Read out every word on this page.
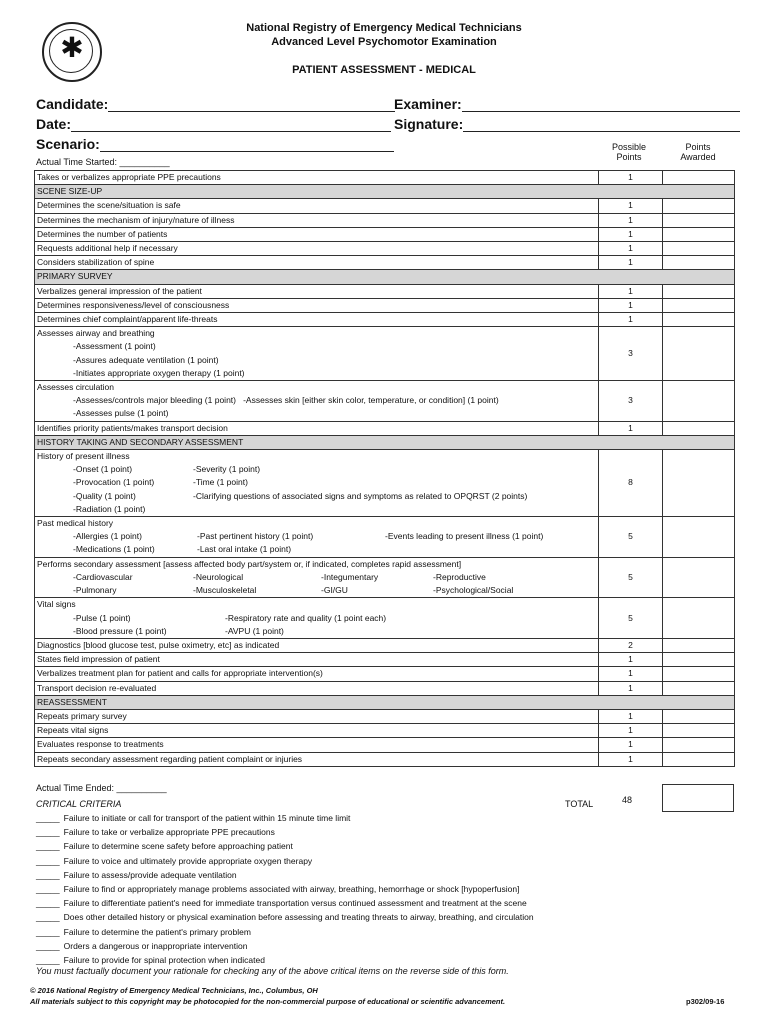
✱
National Registry of Emergency Medical Technicians
Advanced Level Psychomotor Examination
PATIENT ASSESSMENT - MEDICAL
Candidate:	Examiner:
Date:	Signature:
Scenario:
Actual Time Started: __________
Possible
Points
Points
Awarded
Takes or verbalizes appropriate PPE precautions	1	
SCENE SIZE-UP		
Determines the scene/situation is safe	1	
Determines the mechanism of injury/nature of illness	1	
Determines the number of patients	1	
Requests additional help if necessary	1	
Considers stabilization of spine	1	
PRIMARY SURVEY		
Verbalizes general impression of the patient	1	
Determines responsiveness/level of consciousness	1	
Determines chief complaint/apparent life-threats	1	

Assesses airway and breathing
-Assessment (1 point)
-Assures adequate ventilation (1 point)
-Initiates appropriate oxygen therapy (1 point)	3	

Assesses circulation
-Assesses/controls major bleeding (1 point) -Assesses skin [either skin color, temperature, or condition] (1 point)
-Assesses pulse (1 point)	3	
Identifies priority patients/makes transport decision	1	
HISTORY TAKING AND SECONDARY ASSESSMENT		

History of present illness
-Onset (1 point) -Severity (1 point)
-Provocation (1 point) -Time (1 point)
-Quality (1 point) -Clarifying questions of associated signs and symptoms as related to OPQRST (2 points)
-Radiation (1 point)	8	

Past medical history
-Allergies (1 point) -Past pertinent history (1 point) -Events leading to present illness (1 point)
-Medications (1 point) -Last oral intake (1 point)	5	

Performs secondary assessment [assess affected body part/system or, if indicated, completes rapid assessment]
-Cardiovascular -Neurological -Integumentary -Reproductive
-Pulmonary -Musculoskeletal -GI/GU -Psychological/Social	5	

Vital signs
-Pulse (1 point) -Respiratory rate and quality (1 point each)
-Blood pressure (1 point) -AVPU (1 point)	5	
Diagnostics [blood glucose test, pulse oximetry, etc] as indicated	2	
States field impression of patient	1	
Verbalizes treatment plan for patient and calls for appropriate intervention(s)	1	
Transport decision re-evaluated	1	
REASSESSMENT		
Repeats primary survey	1	
Repeats vital signs	1	
Evaluates response to treatments	1	
Repeats secondary assessment regarding patient complaint or injuries	1	
Actual Time Ended: __________
CRITICAL CRITERIA	TOTAL	48
_____ Failure to initiate or call for transport of the patient within 15 minute time limit
_____ Failure to take or verbalize appropriate PPE precautions
_____ Failure to determine scene safety before approaching patient
_____ Failure to voice and ultimately provide appropriate oxygen therapy
_____ Failure to assess/provide adequate ventilation
_____ Failure to find or appropriately manage problems associated with airway, breathing, hemorrhage or shock [hypoperfusion]
_____ Failure to differentiate patient's need for immediate transportation versus continued assessment and treatment at the scene
_____ Does other detailed history or physical examination before assessing and treating threats to airway, breathing, and circulation
_____ Failure to determine the patient's primary problem
_____ Orders a dangerous or inappropriate intervention
_____ Failure to provide for spinal protection when indicated
You must factually document your rationale for checking any of the above critical items on the reverse side of this form.
© 2016 National Registry of Emergency Medical Technicians, Inc., Columbus, OH
All materials subject to this copyright may be photocopied for the non-commercial purpose of educational or scientific advancement.	p302/09-16
